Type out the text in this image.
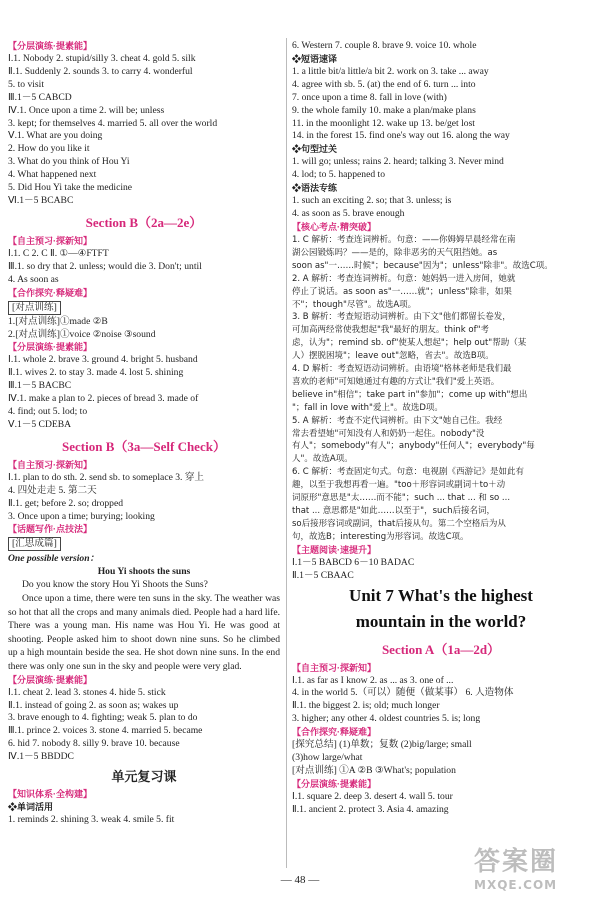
【分层演练·提素能】
Ⅰ.1. Nobody 2. stupid/silly 3. cheat 4. gold 5. silk
Ⅱ.1. Suddenly 2. sounds 3. to carry 4. wonderful
5. to visit
Ⅲ.1－5 CABCD
Ⅳ.1. Once upon a time 2. will be; unless
3. kept; for themselves 4. married 5. all over the world
Ⅴ.1. What are you doing
2. How do you like it
3. What do you think of Hou Yi
4. What happened next
5. Did Hou Yi take the medicine
Ⅵ.1－5 BCABC
Section B（2a—2e）
【自主预习·探新知】
Ⅰ.1. C 2. C Ⅱ. ①—④FTFT
Ⅲ.1. so dry that 2. unless; would die 3. Don't; until
4. As soon as
【合作探究·释疑难】
[对点训练]
1.[对点训练]①made ②B
2.[对点训练]①voice ②noise ③sound
【分层演练·提素能】
Ⅰ.1. whole 2. brave 3. ground 4. bright 5. husband
Ⅱ.1. wives 2. to stay 3. made 4. lost 5. shining
Ⅲ.1－5 BACBC
Ⅳ.1. make a plan to 2. pieces of bread 3. made of
4. find; out 5. lod; to
Ⅴ.1－5 CDEBA
Section B（3a—Self Check）
【自主预习·探新知】
Ⅰ.1. plan to do sth. 2. send sb. to someplace 3. 穿上
4. 四处走走 5. 第二天
Ⅱ.1. get; before 2. so; dropped
3. Once upon a time; burying; looking
【话题写作·点技法】
[汇思成篇]
One possible version：
Hou Yi shoots the suns
Do you know the story Hou Yi Shoots the Suns?
Once upon a time, there were ten suns in the sky. The weather was so hot that all the crops and many animals died. People had a hard life. There was a young man. His name was Hou Yi. He was good at shooting. People asked him to shoot down nine suns. So he climbed up a high mountain beside the sea. He shot down nine suns. In the end there was only one sun in the sky and people were very glad.
【分层演练·提素能】
Ⅰ.1. cheat 2. lead 3. stones 4. hide 5. stick
Ⅱ.1. instead of going 2. as soon as; wakes up
3. brave enough to 4. fighting; weak 5. plan to do
Ⅲ.1. prince 2. voices 3. stone 4. married 5. became
6. hid 7. nobody 8. silly 9. brave 10. because
Ⅳ.1－5 BBDDC
单元复习课
【知识体系·全构建】
❖单词活用
1. reminds 2. shining 3. weak 4. smile 5. fit
6. Western 7. couple 8. brave 9. voice 10. whole
❖短语速译
1. a little bit/a little/a bit 2. work on 3. take ... away
4. agree with sb. 5. (at) the end of 6. turn ... into
7. once upon a time 8. fall in love (with)
9. the whole family 10. make a plan/make plans
11. in the moonlight 12. wake up 13. be/get lost
14. in the forest 15. find one's way out 16. along the way
❖句型过关
1. will go; unless; rains 2. heard; talking 3. Never mind
4. lod; to 5. happened to
❖语法专练
1. such an exciting 2. so; that 3. unless; is
4. as soon as 5. brave enough
【核心考点·精突破】
1. C 解析：考查连词辨析。句意：——你姆姆早晨经常在南
湖公园锻炼吗？——是的，除非恶劣的天气阻挡她。as
soon as"一……时候"；because"因为"；unless"除非"。故选C项。
2. A 解析：考查连词辨析。句意：她妈妈一进入房间，她就
停止了说话。as soon as"一……就"；unless"除非，如果
不"；though"尽管"。故选A项。
3. B 解析：考查短语动词辨析。由下文"他们都留长卷发，
可加高两经常使我想起"我"最好的朋友。think of"考
虑，认为"；remind sb. of"使某人想起"；help out"帮助（某
人）摆脱困境"；leave out"忽略，省去"。故选B项。
4. D 解析：考查短语动词辨析。由语境"格林老师是我们最
喜欢的老师"可知她通过有趣的方式让"我们"爱上英语。
believe in"相信"；take part in"参加"；come up with"想出
"；fall in love with"爱上"。故选D项。
5. A 解析：考查不定代词辨析。由下文"她自己住。我经
常去看望她"可知没有人和奶奶一起住。nobody"没
有人"；somebody"有人"；anybody"任何人"；everybody"每
人"。故选A项。
6. C 解析：考查固定句式。句意：电视剧《西游记》是如此有
趣，以至于我想再看一遍。"too＋形容词或副词＋to＋动
词原形"意思是"太……而不能"；such ... that ... 和 so ...
that ... 意思都是"如此……以至于"，such后接名词，
so后接形容词或副词，that后接从句。第二个空格后为从
句，故选B；interesting为形容词。故选C项。
【主题阅读·速提升】
Ⅰ.1－5 BABCD 6－10 BADAC
Ⅱ.1－5 CBAAC
Unit 7 What's the highest
mountain in the world?
Section A（1a—2d）
【自主预习·探新知】
Ⅰ.1. as far as I know 2. as ... as 3. one of ...
4. in the world 5.（可以）随便（做某事） 6. 人造物体
Ⅱ.1. the biggest 2. is; old; much longer
3. higher; any other 4. oldest countries 5. is; long
【合作探究·释疑难】
[探究总结] (1)单数；复数 (2)big/large; small
(3)how large/what
[对点训练] ①A ②B ③What's; population
【分层演练·提素能】
Ⅰ.1. square 2. deep 3. desert 4. wall 5. tour
Ⅱ.1. ancient 2. protect 3. Asia 4. amazing
— 48 —
答案圈
MXQE.COM
